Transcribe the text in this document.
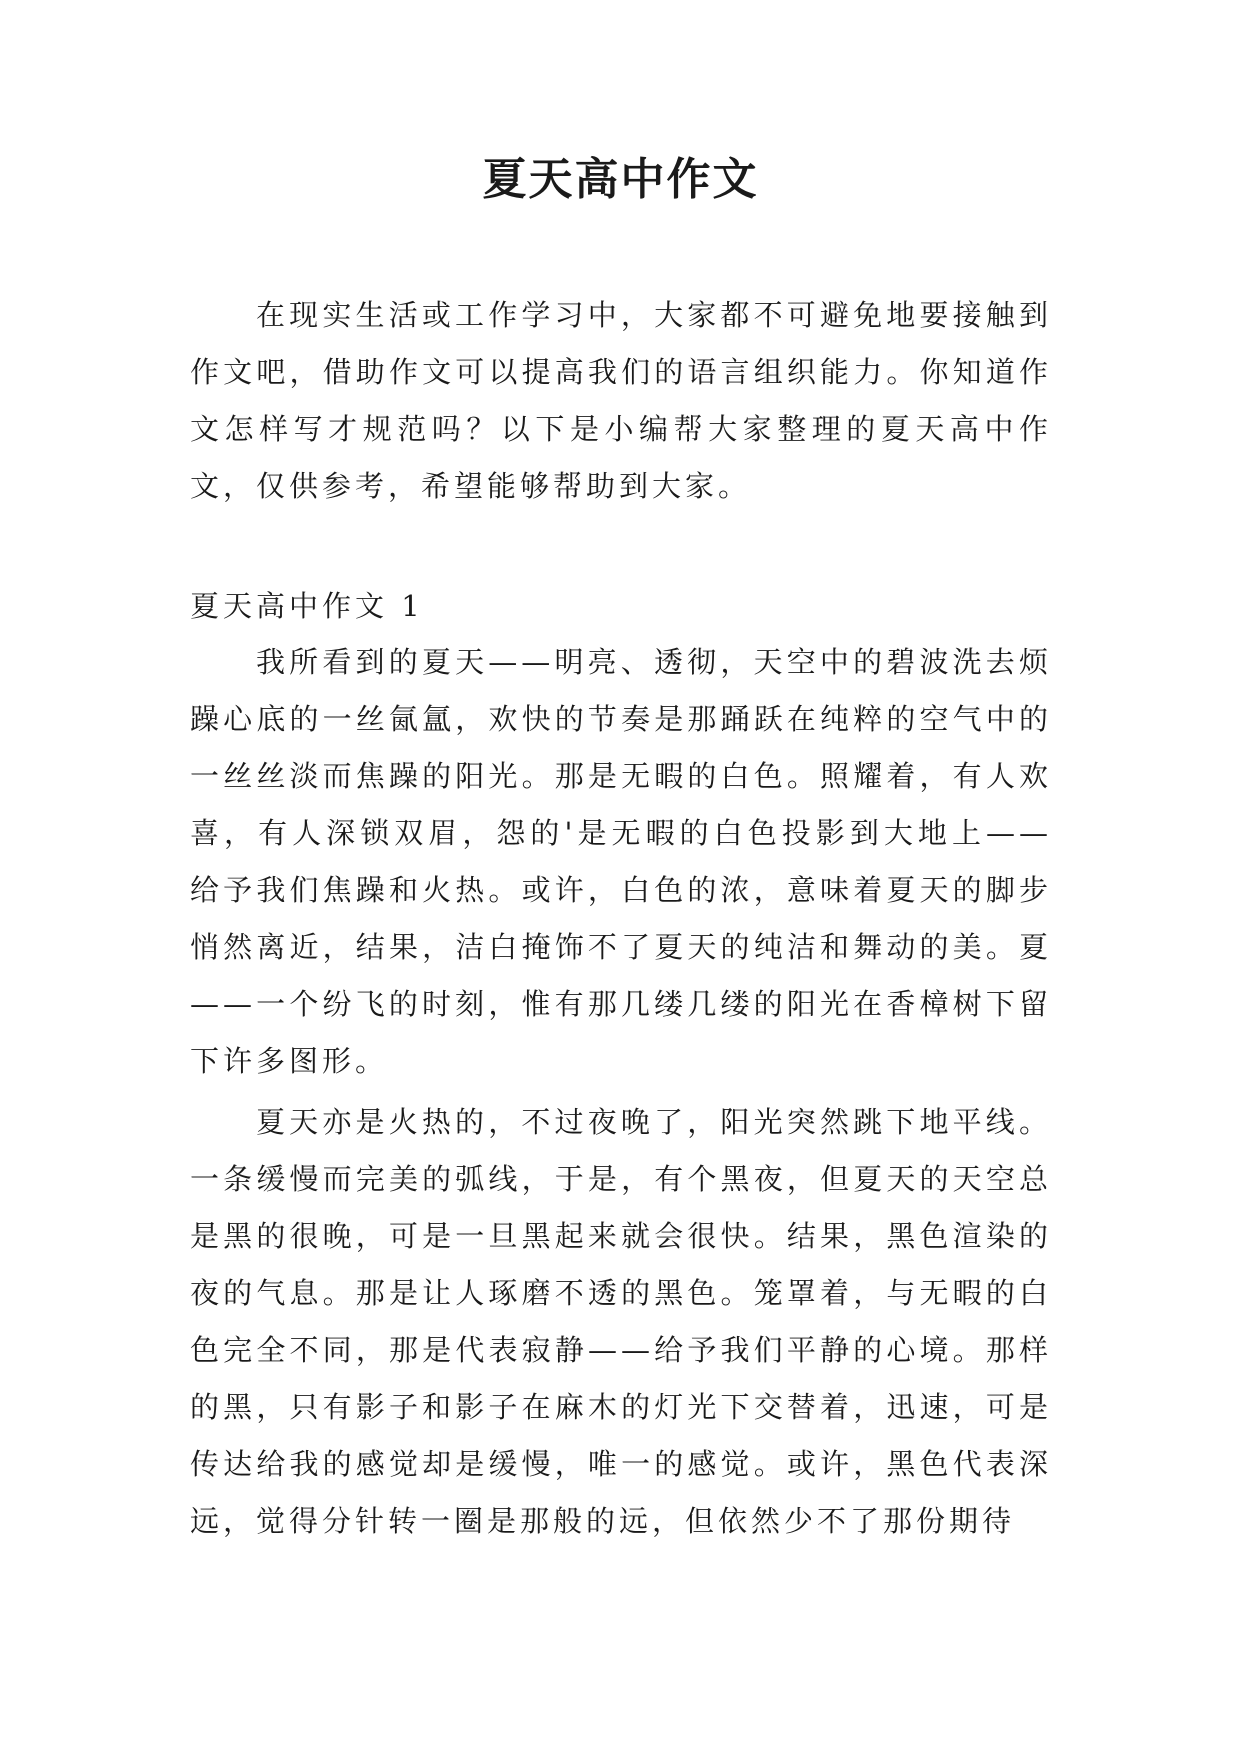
夏天高中作文

在现实生活或工作学习中，大家都不可避免地要接触到作文吧，借助作文可以提高我们的语言组织能力。你知道作文怎样写才规范吗？以下是小编帮大家整理的夏天高中作文，仅供参考，希望能够帮助到大家。

夏天高中作文 1

我所看到的夏天——明亮、透彻，天空中的碧波洗去烦躁心底的一丝氤氲，欢快的节奏是那踊跃在纯粹的空气中的一丝丝淡而焦躁的阳光。那是无暇的白色。照耀着，有人欢喜，有人深锁双眉，怨的'是无暇的白色投影到大地上——给予我们焦躁和火热。或许，白色的浓，意味着夏天的脚步悄然离近，结果，洁白掩饰不了夏天的纯洁和舞动的美。夏——一个纷飞的时刻，惟有那几缕几缕的阳光在香樟树下留下许多图形。

夏天亦是火热的，不过夜晚了，阳光突然跳下地平线。一条缓慢而完美的弧线，于是，有个黑夜，但夏天的天空总是黑的很晚，可是一旦黑起来就会很快。结果，黑色渲染的夜的气息。那是让人琢磨不透的黑色。笼罩着，与无暇的白色完全不同，那是代表寂静——给予我们平静的心境。那样的黑，只有影子和影子在麻木的灯光下交替着，迅速，可是传达给我的感觉却是缓慢，唯一的感觉。或许，黑色代表深远，觉得分针转一圈是那般的远，但依然少不了那份期待
